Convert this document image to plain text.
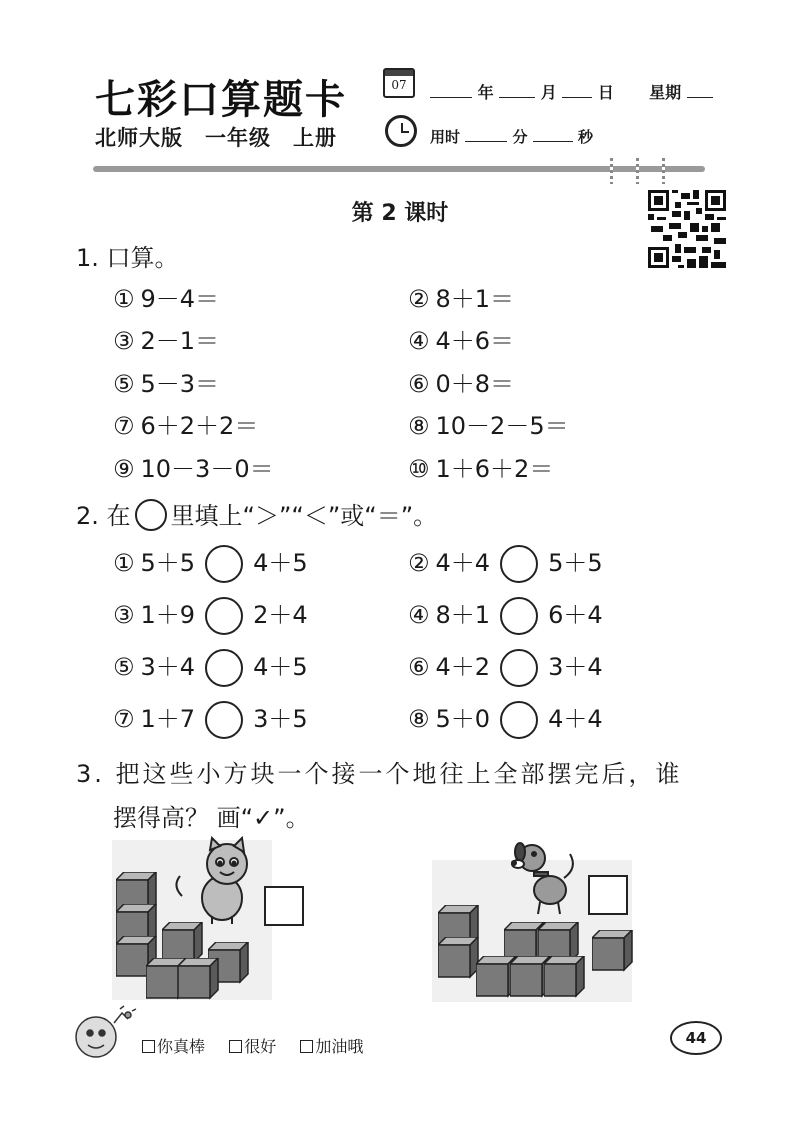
七彩口算题卡	07	年	月	日 星期
北师大版　一年级　上册	用时	分	秒
第 2 课时
1. 口算。
① 9－4＝	② 8＋1＝
③ 2－1＝	④ 4＋6＝
⑤ 5－3＝	⑥ 0＋8＝
⑦ 6＋2＋2＝	⑧ 10－2－5＝
⑨ 10－3－0＝	⑩ 1＋6＋2＝
2. 在 里填上“＞”“＜”或“＝”。
① 5＋5 4＋5	② 4＋4 5＋5
③ 1＋9 2＋4	④ 8＋1 6＋4
⑤ 3＋4 4＋5	⑥ 4＋2 3＋4
⑦ 1＋7 3＋5	⑧ 5＋0 4＋4
3. 把这些小方块一个接一个地往上全部摆完后，谁
摆得高？ 画“✓”。
你真棒 很好 加油哦	44
